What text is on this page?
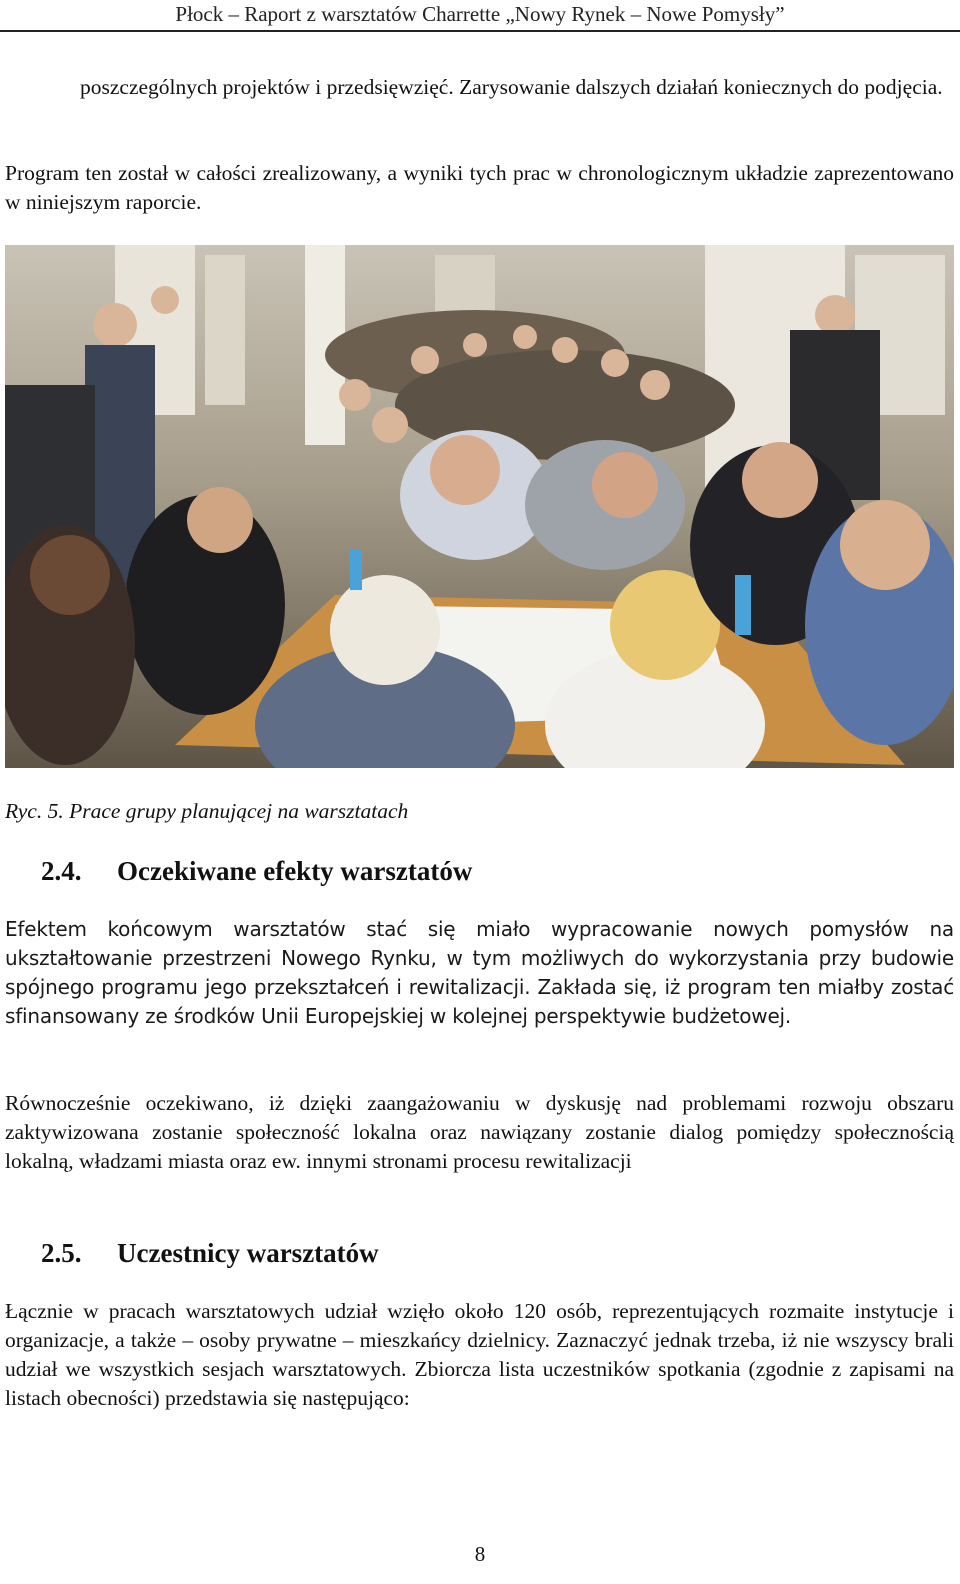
Płock – Raport z warsztatów Charrette „Nowy Rynek – Nowe Pomysły”

poszczególnych projektów i przedsięwzięć. Zarysowanie dalszych działań koniecznych do podjęcia.

Program ten został w całości zrealizowany, a wyniki tych prac w chronologicznym układzie zaprezentowano w niniejszym raporcie.

Ryc. 5. Prace grupy planującej na warsztatach
2.4. Oczekiwane efekty warsztatów

Efektem końcowym warsztatów stać się miało wypracowanie nowych pomysłów na ukształtowanie przestrzeni Nowego Rynku, w tym możliwych do wykorzystania przy budowie spójnego programu jego przekształceń i rewitalizacji. Zakłada się, iż program ten miałby zostać sfinansowany ze środków Unii Europejskiej w kolejnej perspektywie budżetowej.

Równocześnie oczekiwano, iż dzięki zaangażowaniu w dyskusję nad problemami rozwoju obszaru zaktywizowana zostanie społeczność lokalna oraz nawiązany zostanie dialog pomiędzy społecznością lokalną, władzami miasta oraz ew. innymi stronami procesu rewitalizacji

2.5. Uczestnicy warsztatów

Łącznie w pracach warsztatowych udział wzięło około 120 osób, reprezentujących rozmaite instytucje i organizacje, a także – osoby prywatne – mieszkańcy dzielnicy. Zaznaczyć jednak trzeba, iż nie wszyscy brali udział we wszystkich sesjach warsztatowych. Zbiorcza lista uczestników spotkania (zgodnie z zapisami na listach obecności) przedstawia się następująco:

8
